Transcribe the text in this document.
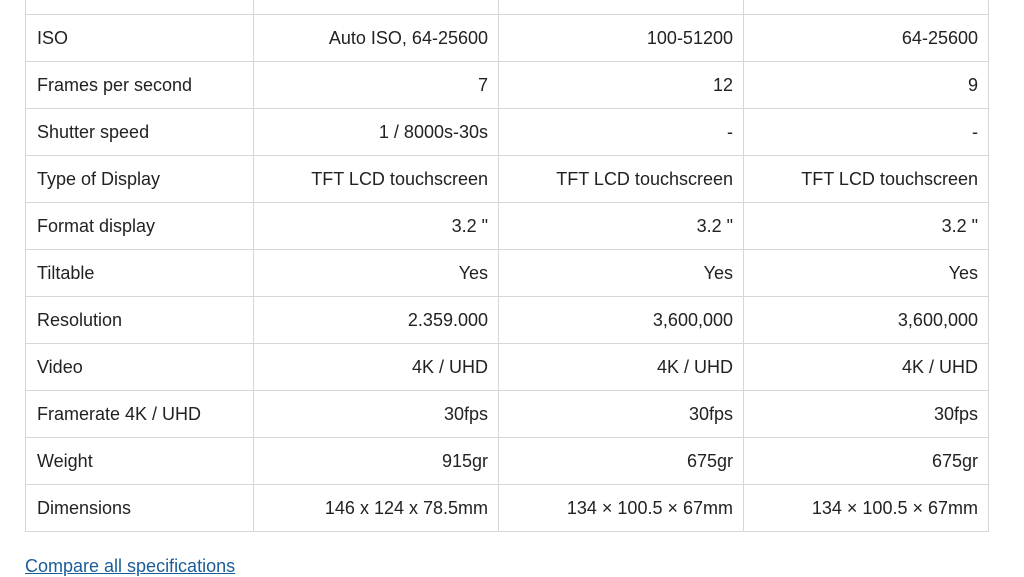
ISO	Auto ISO, 64-25600	100-51200	64-25600
Frames per second	7	12	9
Shutter speed	1 / 8000s-30s	-	-
Type of Display	TFT LCD touchscreen	TFT LCD touchscreen	TFT LCD touchscreen
Format display	3.2 "	3.2 "	3.2 "
Tiltable	Yes	Yes	Yes
Resolution	2.359.000	3,600,000	3,600,000
Video	4K / UHD	4K / UHD	4K / UHD
Framerate 4K / UHD	30fps	30fps	30fps
Weight	915gr	675gr	675gr
Dimensions	146 x 124 x 78.5mm	134 × 100.5 × 67mm	134 × 100.5 × 67mm
Compare all specifications
